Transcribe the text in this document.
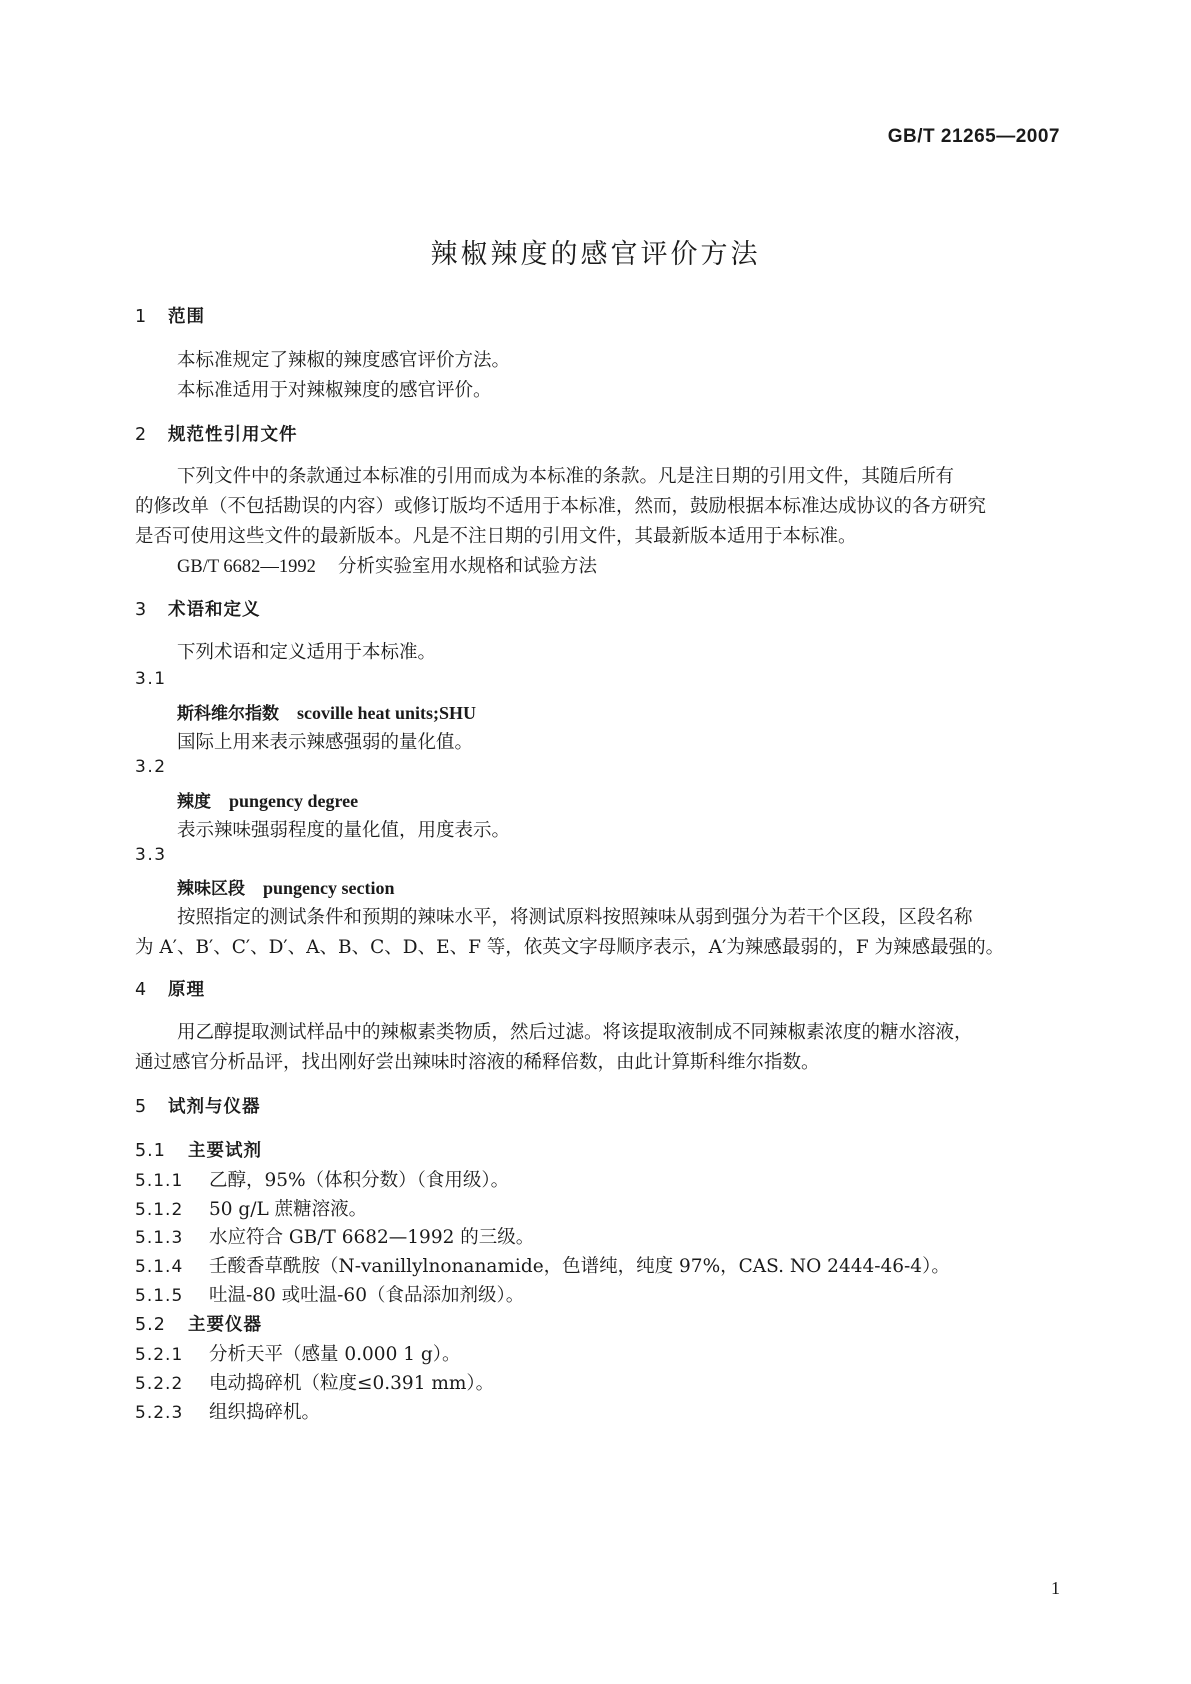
GB/T 21265—2007
辣椒辣度的感官评价方法
1 范围
本标准规定了辣椒的辣度感官评价方法。
本标准适用于对辣椒辣度的感官评价。
2 规范性引用文件
下列文件中的条款通过本标准的引用而成为本标准的条款。凡是注日期的引用文件，其随后所有
的修改单（不包括勘误的内容）或修订版均不适用于本标准，然而，鼓励根据本标准达成协议的各方研究
是否可使用这些文件的最新版本。凡是不注日期的引用文件，其最新版本适用于本标准。
GB/T 6682—1992 分析实验室用水规格和试验方法
3 术语和定义
下列术语和定义适用于本标准。
3.1
斯科维尔指数 scoville heat units;SHU
国际上用来表示辣感强弱的量化值。
3.2
辣度 pungency degree
表示辣味强弱程度的量化值，用度表示。
3.3
辣味区段 pungency section
按照指定的测试条件和预期的辣味水平，将测试原料按照辣味从弱到强分为若干个区段，区段名称
为 A′、B′、C′、D′、A、B、C、D、E、F 等，依英文字母顺序表示，A′为辣感最弱的，F 为辣感最强的。
4 原理
用乙醇提取测试样品中的辣椒素类物质，然后过滤。将该提取液制成不同辣椒素浓度的糖水溶液，
通过感官分析品评，找出刚好尝出辣味时溶液的稀释倍数，由此计算斯科维尔指数。
5 试剂与仪器
5.1 主要试剂
5.1.1 乙醇，95%（体积分数）（食用级）。
5.1.2 50 g/L 蔗糖溶液。
5.1.3 水应符合 GB/T 6682—1992 的三级。
5.1.4 壬酸香草酰胺（N-vanillylnonanamide，色谱纯，纯度 97%，CAS. NO 2444-46-4）。
5.1.5 吐温-80 或吐温-60（食品添加剂级）。
5.2 主要仪器
5.2.1 分析天平（感量 0.000 1 g）。
5.2.2 电动捣碎机（粒度≤0.391 mm）。
5.2.3 组织捣碎机。
1
